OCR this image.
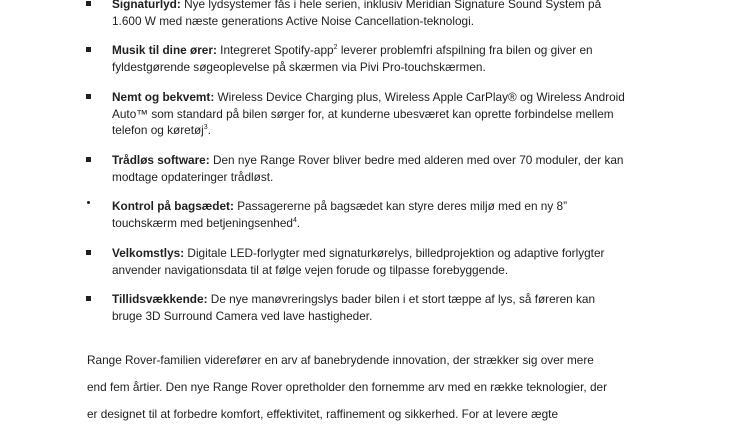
Signaturlyd: Nye lydsystemer fås i hele serien, inklusiv Meridian Signature Sound System på
1.600 W med næste generations Active Noise Cancellation-teknologi.
Musik til dine ører: Integreret Spotify-app$^2$ leverer problemfri afspilning fra bilen og giver en
fyldestgørende søgeoplevelse på skærmen via Pivi Pro-touchskærmen.
Nemt og bekvemt: Wireless Device Charging plus, Wireless Apple CarPlay® og Wireless Android
Auto™ som standard på bilen sørger for, at kunderne ubesværet kan oprette forbindelse mellem
telefon og køretøj$^3$.
Trådløs software: Den nye Range Rover bliver bedre med alderen med over 70 moduler, der kan
modtage opdateringer trådløst.
Kontrol på bagsædet: Passagererne på bagsædet kan styre deres miljø med en ny 8”
touchskærm med betjeningsenhed$^4$.
Velkomstlys: Digitale LED-forlygter med signaturkørelys, billedprojektion og adaptive forlygter
anvender navigationsdata til at følge vejen forude og tilpasse forebyggende.
Tillidsvækkende: De nye manøvreringslys bader bilen i et stort tæppe af lys, så føreren kan
bruge 3D Surround Camera ved lave hastigheder.
Range Rover-familien viderefører en arv af banebrydende innovation, der strækker sig over mere
end fem årtier. Den nye Range Rover opretholder den fornemme arv med en række teknologier, der
er designet til at forbedre komfort, effektivitet, raffinement og sikkerhed. For at levere ægte
